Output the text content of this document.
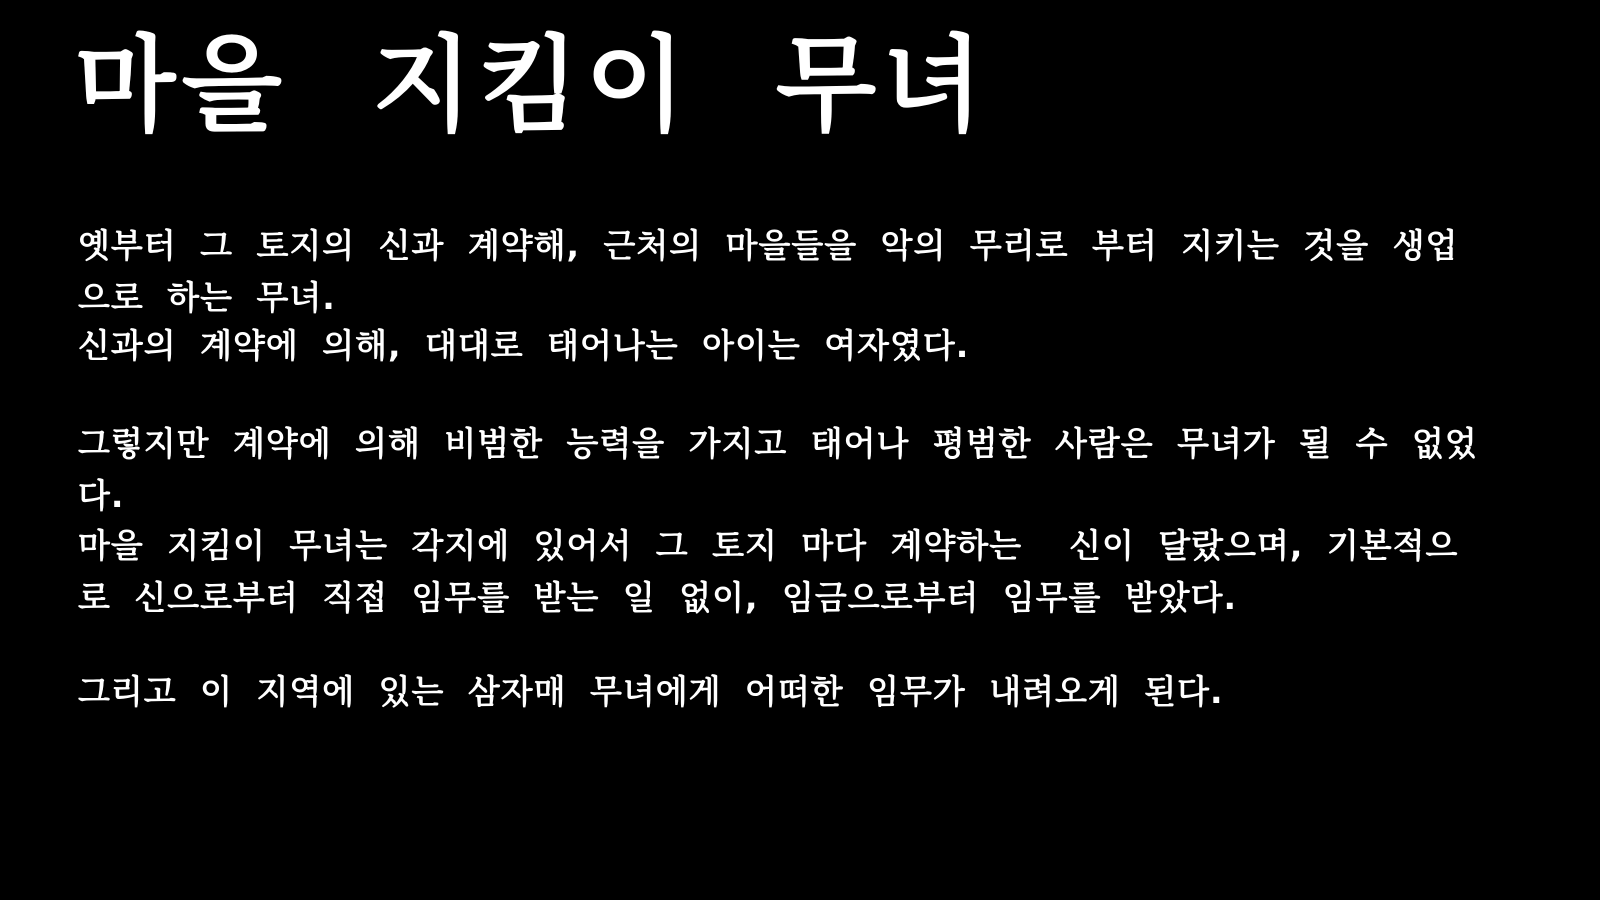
마을 지킴이 무녀

옛부터 그 토지의 신과 계약해, 근처의 마을들을 악의 무리로 부터 지키는 것을 생업으로 하는 무녀.

신과의 계약에 의해, 대대로 태어나는 아이는 여자였다.

그렇지만 계약에 의해 비범한 능력을 가지고 태어나 평범한 사람은 무녀가 될 수 없었다.

마을 지킴이 무녀는 각지에 있어서 그 토지 마다 계약하는  신이 달랐으며, 기본적으로 신으로부터 직접 임무를 받는 일 없이, 임금으로부터 임무를 받았다.

그리고 이 지역에 있는 삼자매 무녀에게 어떠한 임무가 내려오게 된다.
